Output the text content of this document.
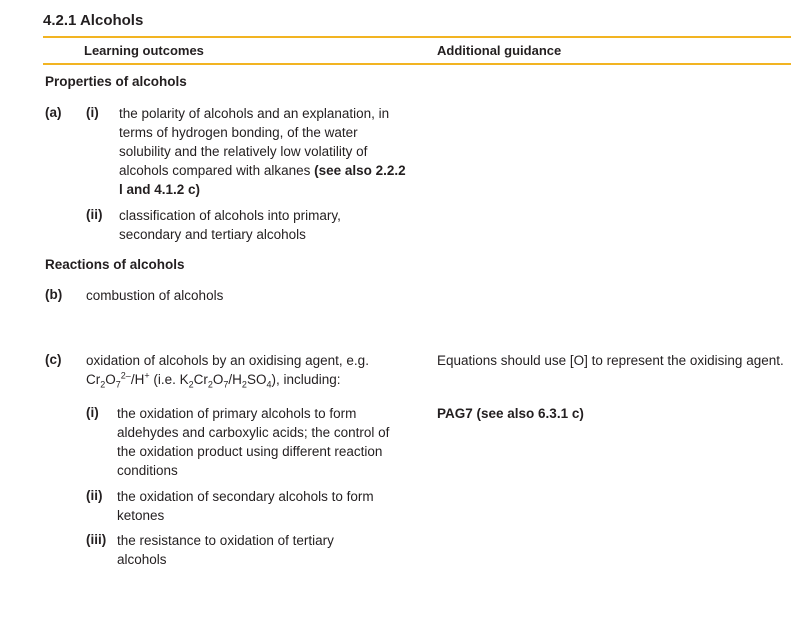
4.2.1 Alcohols
Learning outcomes	Additional guidance
Properties of alcohols
(a) (i) the polarity of alcohols and an explanation, in terms of hydrogen bonding, of the water solubility and the relatively low volatility of alcohols compared with alkanes (see also 2.2.2 l and 4.1.2 c)
(ii) classification of alcohols into primary, secondary and tertiary alcohols
Reactions of alcohols
(b) combustion of alcohols
(c) oxidation of alcohols by an oxidising agent, e.g.
$Cr_2O_7^{2-}/H^+$ (i.e. $K_2Cr_2O_7/H_2SO_4$), including:
Equations should use [O] to represent the oxidising agent.
(i) the oxidation of primary alcohols to form aldehydes and carboxylic acids; the control of the oxidation product using different reaction conditions
PAG7 (see also 6.3.1 c)
(ii) the oxidation of secondary alcohols to form ketones
(iii) the resistance to oxidation of tertiary alcohols
